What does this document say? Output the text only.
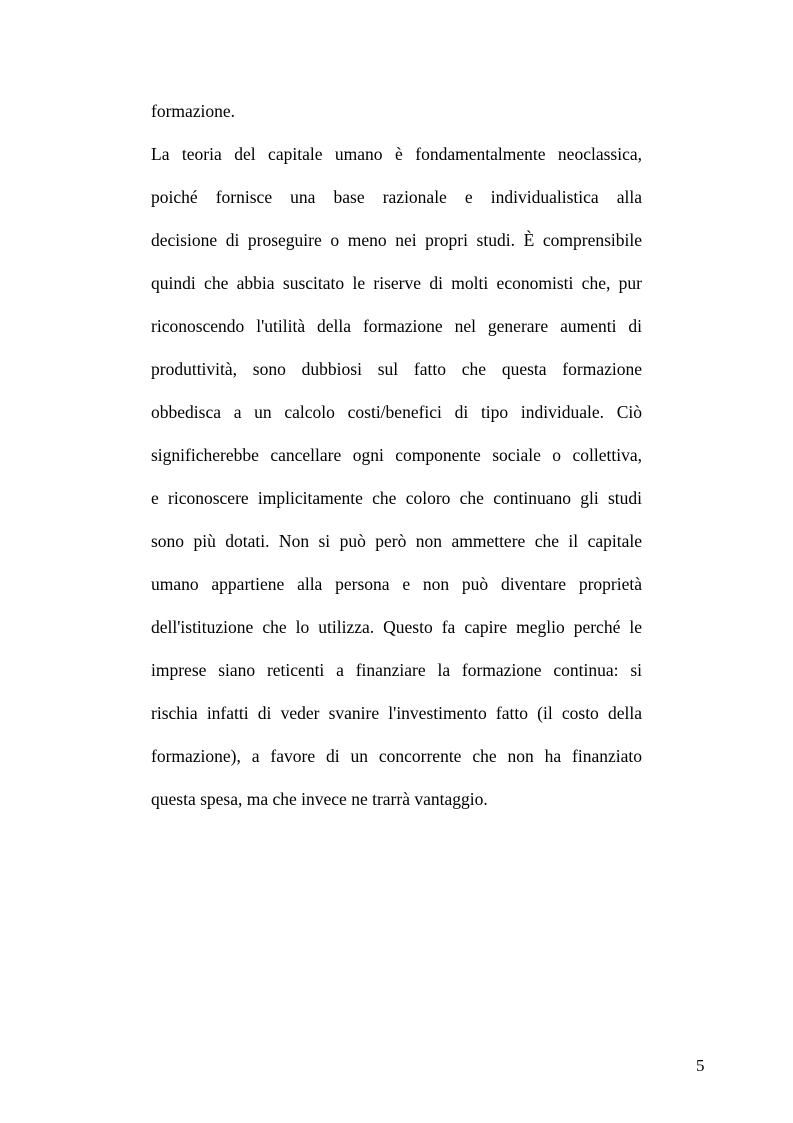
formazione.
La teoria del capitale umano è fondamentalmente neoclassica,
poiché fornisce una base razionale e individualistica alla
decisione di proseguire o meno nei propri studi. È comprensibile
quindi che abbia suscitato le riserve di molti economisti che, pur
riconoscendo l'utilità della formazione nel generare aumenti di
produttività, sono dubbiosi sul fatto che questa formazione
obbedisca a un calcolo costi/benefici di tipo individuale. Ciò
significherebbe cancellare ogni componente sociale o collettiva,
e riconoscere implicitamente che coloro che continuano gli studi
sono più dotati. Non si può però non ammettere che il capitale
umano appartiene alla persona e non può diventare proprietà
dell'istituzione che lo utilizza. Questo fa capire meglio perché le
imprese siano reticenti a finanziare la formazione continua: si
rischia infatti di veder svanire l'investimento fatto (il costo della
formazione), a favore di un concorrente che non ha finanziato
questa spesa, ma che invece ne trarrà vantaggio.
5
